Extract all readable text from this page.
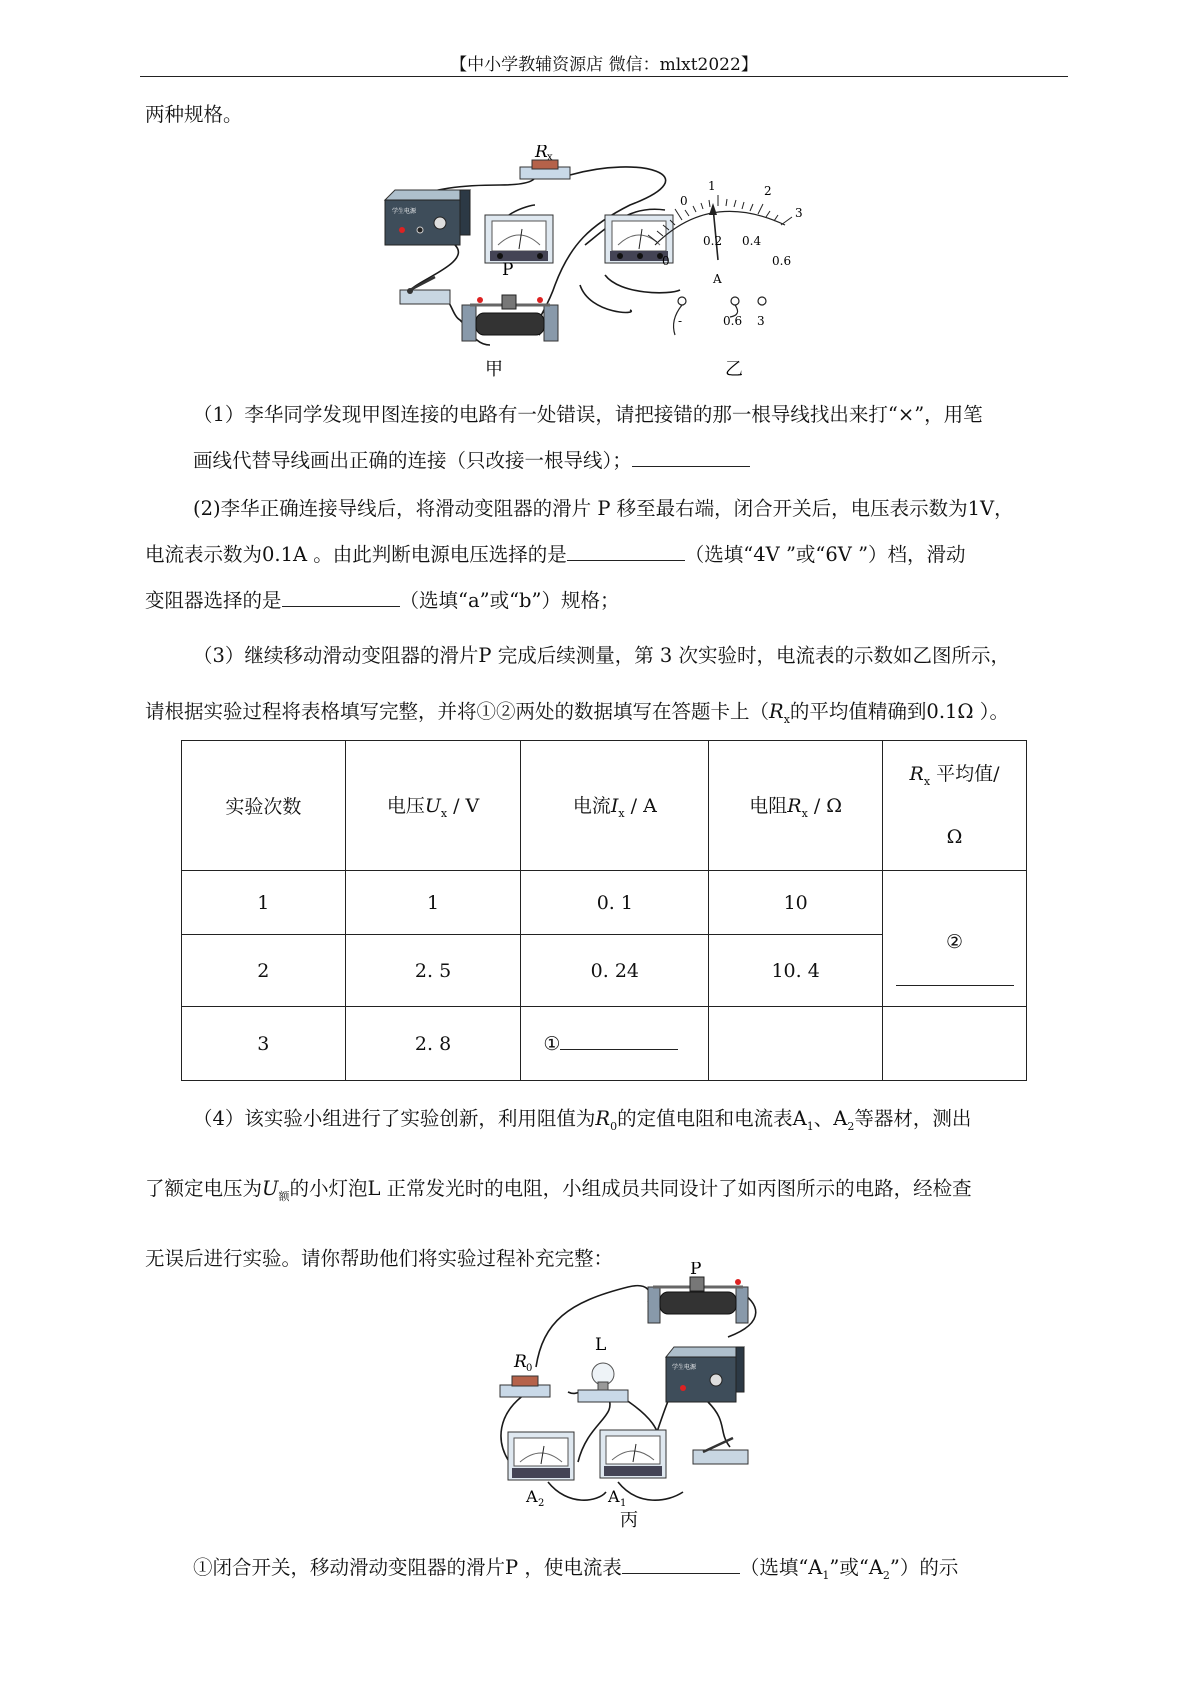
【中小学教辅资源店 微信：mlxt2022】
两种规格。
R x
学生电源
P
甲
0
1	2
3
0
0.2 0.4
0.6
A
-	0.6 3
乙
（1）李华同学发现甲图连接的电路有一处错误，请把接错的那一根导线找出来打“×”，用笔
画线代替导线画出正确的连接（只改接一根导线）；
(2)李华正确连接导线后，将滑动变阻器的滑片 P 移至最右端，闭合开关后，电压表示数为1V，
电流表示数为0.1A 。由此判断电源电压选择的是	（选填“4V ”或“6V ”）档，滑动
变阻器选择的是	（选填“a”或“b”）规格；
（3）继续移动滑动变阻器的滑片P 完成后续测量，第 3 次实验时，电流表的示数如乙图所示，
请根据实验过程将表格填写完整，并将①②两处的数据填写在答题卡上（$R_x$的平均值精确到0.1Ω ）。
实验次数	电压$U_x$ / V	电流$I_x$ / A	电阻$R_x$ / Ω	$R_x$ 平均值/
Ω

1	1	0. 1	10	②

2	2. 5	0. 24	10. 4	
3	2. 8	①		
（4）该实验小组进行了实验创新，利用阻值为$R_0$的定值电阻和电流表$A_1$、$A_2$等器材，测出
了额定电压为$U_额$的小灯泡L 正常发光时的电阻，小组成员共同设计了如丙图所示的电路，经检查
无误后进行实验。请你帮助他们将实验过程补充完整：	P
R 0
L
学生电源
A 2	A 1
丙
①闭合开关，移动滑动变阻器的滑片P ，使电流表	（选填“$A_1$”或“$A_2$”）的示
